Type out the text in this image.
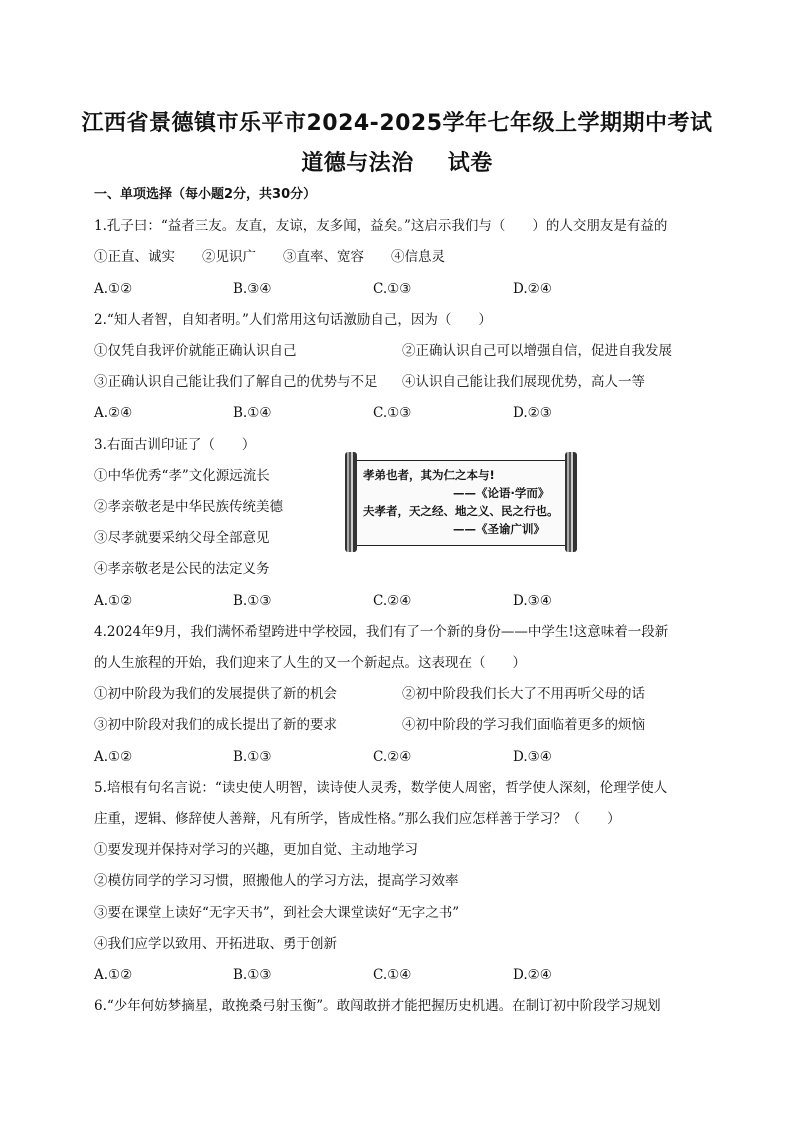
江西省景德镇市乐平市2024-2025学年七年级上学期期中考试
道德与法治 试卷
一、单项选择（每小题2分，共30分）
1.孔子曰：“益者三友。友直，友谅，友多闻，益矣。”这启示我们与（　　）的人交朋友是有益的
①正直、诚实　　②见识广　　③直率、宽容　　④信息灵
A.①②	B.③④	C.①③	D.②④
2.“知人者智，自知者明。”人们常用这句话激励自己，因为（　　）
①仅凭自我评价就能正确认识自己	②正确认识自己可以增强自信，促进自我发展
③正确认识自己能让我们了解自己的优势与不足 ④认识自己能让我们展现优势，高人一等
A.②④	B.①④	C.①③	D.②③
3.右面古训印证了（　　）
①中华优秀“孝”文化源远流长
②孝亲敬老是中华民族传统美德
③尽孝就要采纳父母全部意见
④孝亲敬老是公民的法定义务
孝弟也者，其为仁之本与!
——《论语·学而》
夫孝者，天之经、地之义、民之行也。
——《圣谕广训》
A.①②	B.①③	C.②④	D.③④
4.2024年9月，我们满怀希望跨进中学校园，我们有了一个新的身份——中学生!这意味着一段新
的人生旅程的开始，我们迎来了人生的又一个新起点。这表现在（　　）
①初中阶段为我们的发展提供了新的机会	②初中阶段我们长大了不用再听父母的话
③初中阶段对我们的成长提出了新的要求	④初中阶段的学习我们面临着更多的烦恼
A.①②	B.①③	C.②④	D.③④
5.培根有句名言说：“读史使人明智，读诗使人灵秀，数学使人周密，哲学使人深刻，伦理学使人
庄重，逻辑、修辞使人善辩，凡有所学，皆成性格。”那么我们应怎样善于学习？（　　）
①要发现并保持对学习的兴趣，更加自觉、主动地学习
②模仿同学的学习习惯，照搬他人的学习方法，提高学习效率
③要在课堂上读好“无字天书”，到社会大课堂读好“无字之书”
④我们应学以致用、开拓进取、勇于创新
A.①②	B.①③	C.①④	D.②④
6.“少年何妨梦摘星，敢挽桑弓射玉衡”。敢闯敢拼才能把握历史机遇。在制订初中阶段学习规划
